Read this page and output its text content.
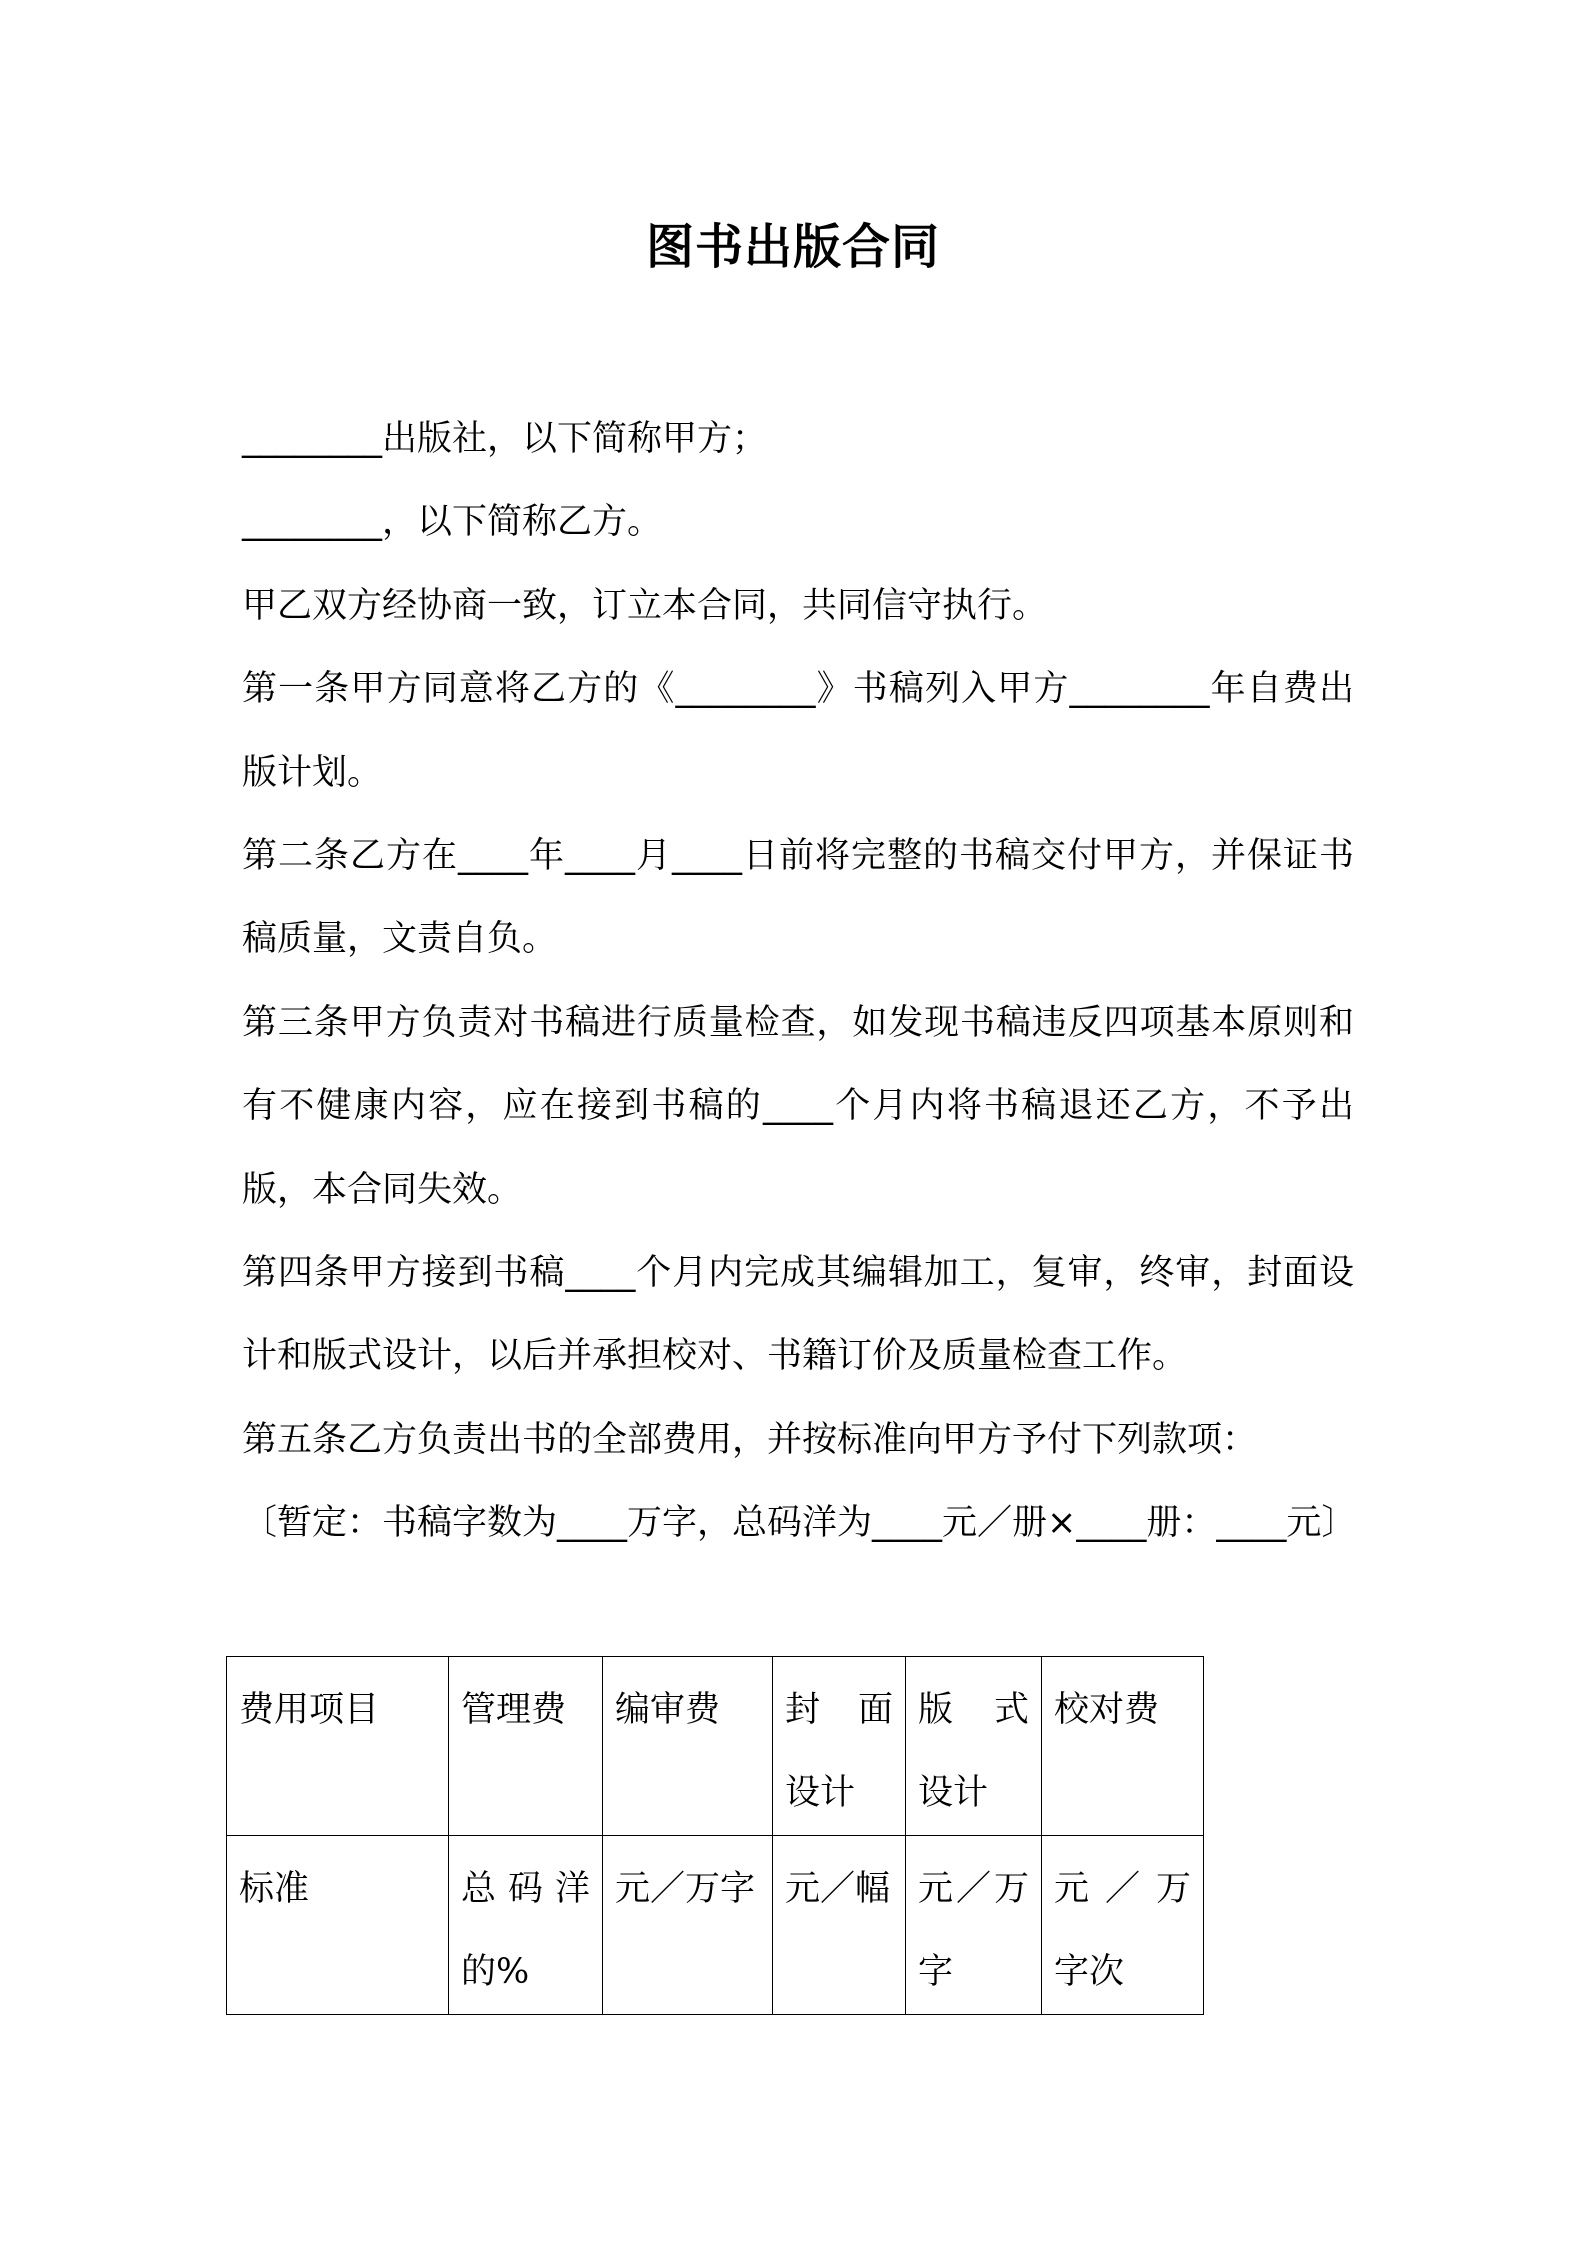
图书出版合同

________出版社，以下简称甲方；

________，以下简称乙方。

甲乙双方经协商一致，订立本合同，共同信守执行。

第一条甲方同意将乙方的《________》书稿列入甲方________年自费出版计划。

第二条乙方在____年____月____日前将完整的书稿交付甲方，并保证书稿质量，文责自负。

第三条甲方负责对书稿进行质量检查，如发现书稿违反四项基本原则和有不健康内容，应在接到书稿的____个月内将书稿退还乙方，不予出版，本合同失效。

第四条甲方接到书稿____个月内完成其编辑加工，复审，终审，封面设计和版式设计，以后并承担校对、书籍订价及质量检查工作。

第五条乙方负责出书的全部费用，并按标准向甲方予付下列款项：

〔暂定：书稿字数为____万字，总码洋为____元／册×____册：____元〕

费用项目	管理费	编审费	封　面设计	版　式设计	校对费
标准	总码洋的%	元／万字	元／幅	元／万字	元／万字次
